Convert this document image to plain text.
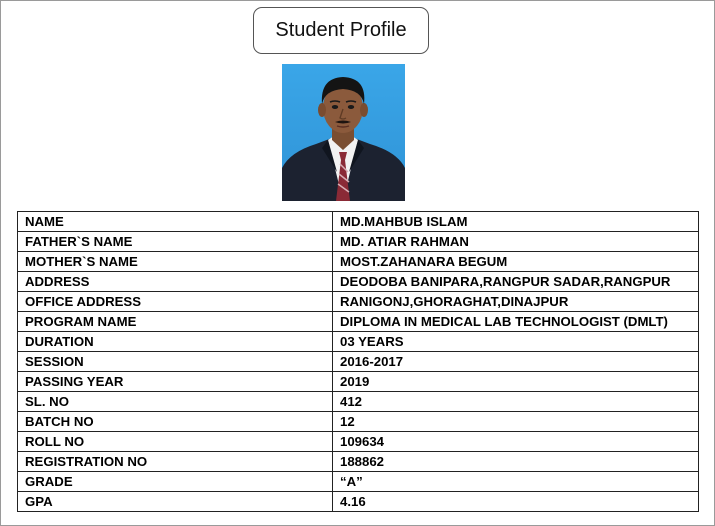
Student Profile
NAME	MD.MAHBUB ISLAM
FATHER`S NAME	MD. ATIAR RAHMAN
MOTHER`S NAME	MOST.ZAHANARA BEGUM
ADDRESS	DEODOBA BANIPARA,RANGPUR SADAR,RANGPUR
OFFICE ADDRESS	RANIGONJ,GHORAGHAT,DINAJPUR
PROGRAM NAME	DIPLOMA IN MEDICAL LAB TECHNOLOGIST (DMLT)
DURATION	03 YEARS
SESSION	2016-2017
PASSING YEAR	2019
SL. NO	412
BATCH NO	12
ROLL NO	109634
REGISTRATION NO	188862
GRADE	“A”
GPA	4.16
